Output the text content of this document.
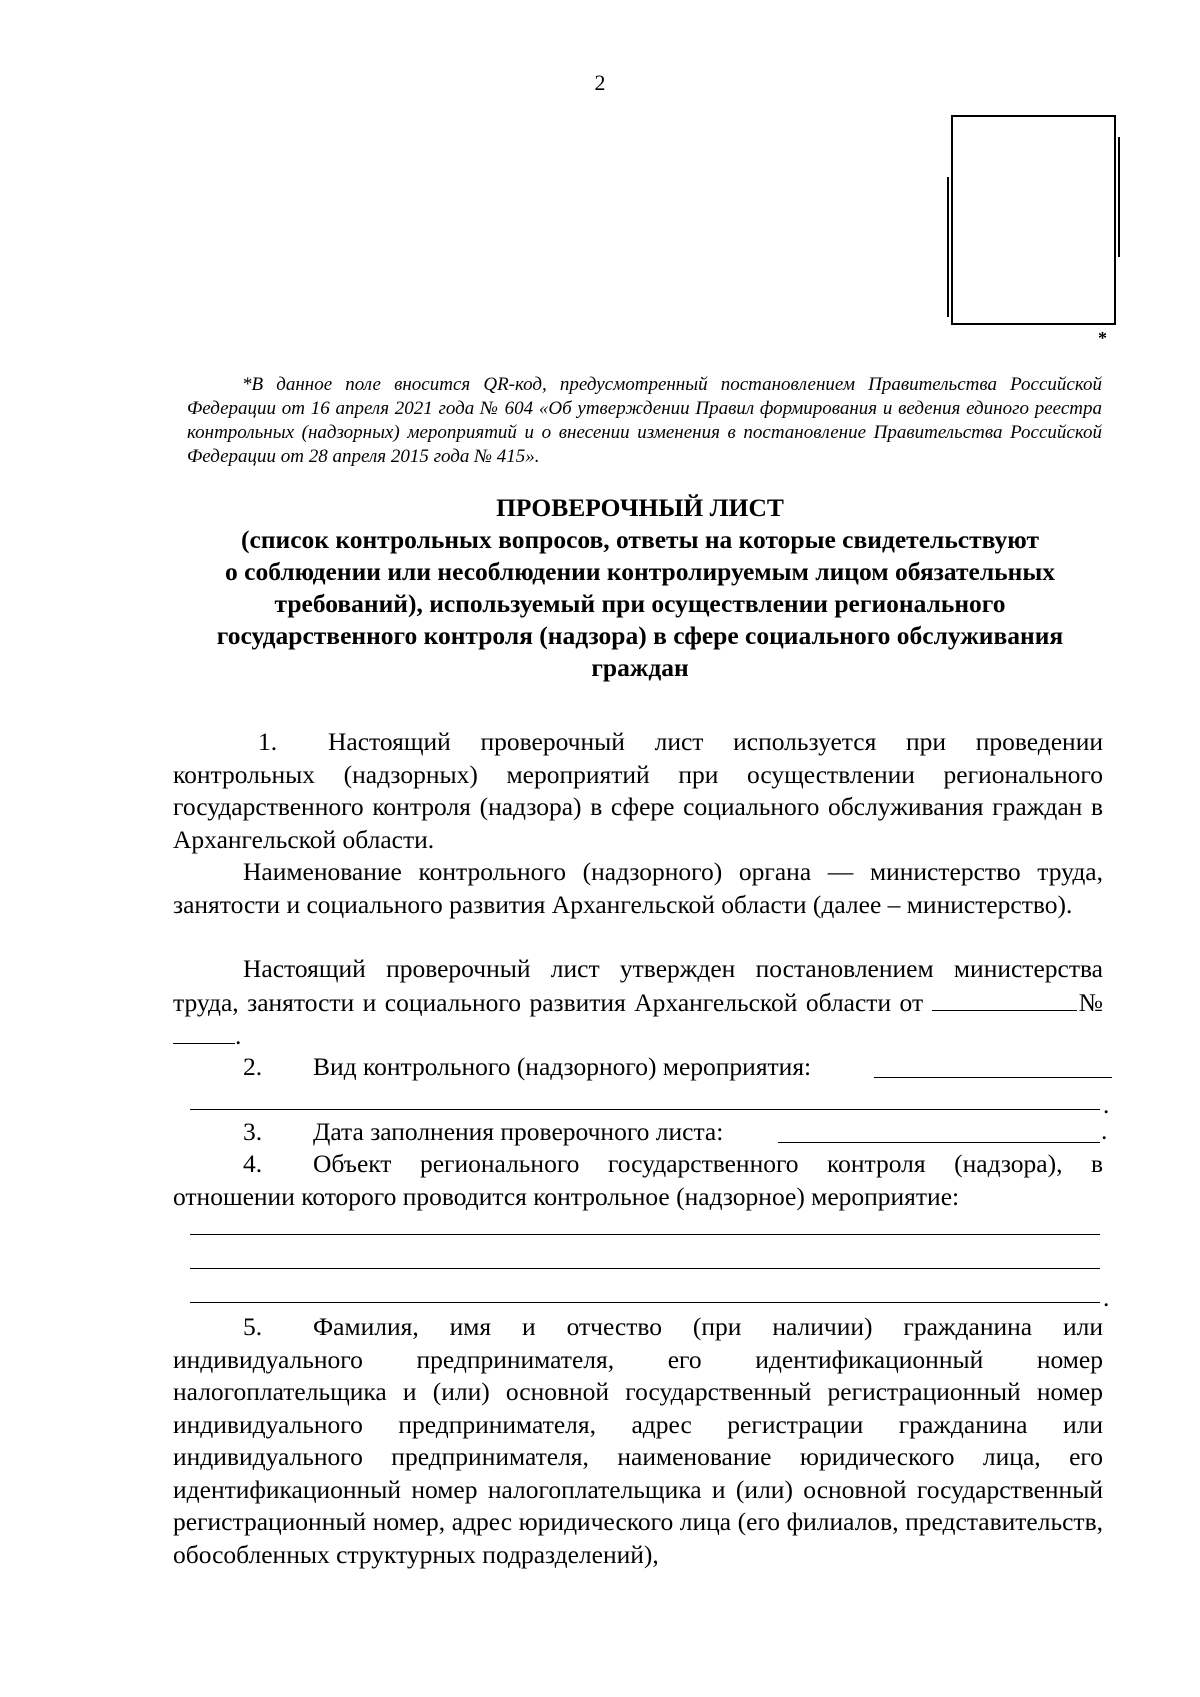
2
*
*В данное поле вносится QR-код, предусмотренный постановлением Правительства Российской Федерации от 16 апреля 2021 года № 604 «Об утверждении Правил формирования и ведения единого реестра контрольных (надзорных) мероприятий и о внесении изменения в постановление Правительства Российской Федерации от 28 апреля 2015 года № 415».
ПРОВЕРОЧНЫЙ ЛИСТ
(список контрольных вопросов, ответы на которые свидетельствуют
о соблюдении или несоблюдении контролируемым лицом обязательных
требований), используемый при осуществлении регионального
государственного контроля (надзора) в сфере социального обслуживания
граждан
1. Настоящий проверочный лист используется при проведении контрольных (надзорных) мероприятий при осуществлении регионального государственного контроля (надзора) в сфере социального обслуживания граждан в Архангельской области.
Наименование контрольного (надзорного) органа — министерство труда, занятости и социального развития Архангельской области (далее – министерство).
Настоящий проверочный лист утвержден постановлением министерства труда, занятости и социального развития Архангельской области от	№.
2. Вид контрольного (надзорного) мероприятия:
.
3. Дата заполнения проверочного листа:	.
4. Объект регионального государственного контроля (надзора), в отношении которого проводится контрольное (надзорное) мероприятие:
.
5. Фамилия, имя и отчество (при наличии) гражданина или индивидуального предпринимателя, его идентификационный номер налогоплательщика и (или) основной государственный регистрационный номер индивидуального предпринимателя, адрес регистрации гражданина или индивидуального предпринимателя, наименование юридического лица, его идентификационный номер налогоплательщика и (или) основной государственный регистрационный номер, адрес юридического лица (его филиалов, представительств, обособленных структурных подразделений),
